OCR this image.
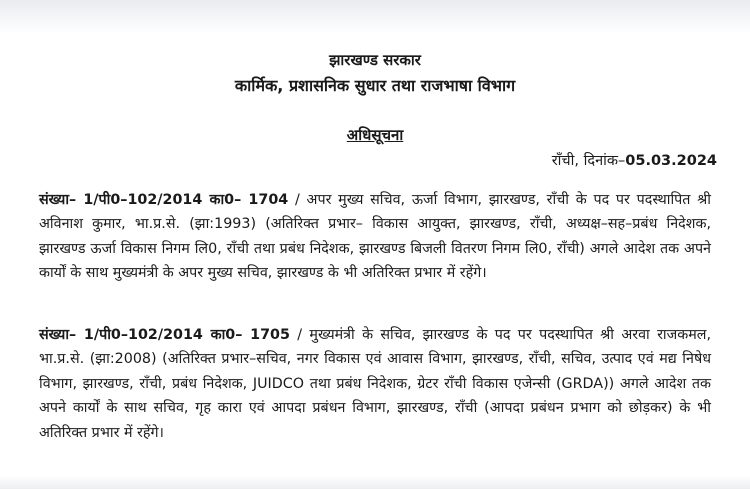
झारखण्ड सरकार
कार्मिक, प्रशासनिक सुधार तथा राजभाषा विभाग
अधिसूचना
राँची, दिनांक–05.03.2024

संख्या– 1/पी0–102/2014 का0– 1704 / अपर मुख्य सचिव, ऊर्जा विभाग, झारखण्ड, राँची के पद पर पदस्थापित श्री अविनाश कुमार, भा.प्र.से. (झा:1993) (अतिरिक्त प्रभार– विकास आयुक्त, झारखण्ड, राँची, अध्यक्ष–सह–प्रबंध निदेशक, झारखण्ड ऊर्जा विकास निगम लि0, राँची तथा प्रबंध निदेशक, झारखण्ड बिजली वितरण निगम लि0, राँची) अगले आदेश तक अपने कार्यों के साथ मुख्यमंत्री के अपर मुख्य सचिव, झारखण्ड के भी अतिरिक्त प्रभार में रहेंगे।

संख्या– 1/पी0–102/2014 का0– 1705 / मुख्यमंत्री के सचिव, झारखण्ड के पद पर पदस्थापित श्री अरवा राजकमल, भा.प्र.से. (झा:2008) (अतिरिक्त प्रभार–सचिव, नगर विकास एवं आवास विभाग, झारखण्ड, राँची, सचिव, उत्पाद एवं मद्य निषेध विभाग, झारखण्ड, राँची, प्रबंध निदेशक, JUIDCO तथा प्रबंध निदेशक, ग्रेटर राँची विकास एजेन्सी (GRDA)) अगले आदेश तक अपने कार्यों के साथ सचिव, गृह कारा एवं आपदा प्रबंधन विभाग, झारखण्ड, राँची (आपदा प्रबंधन प्रभाग को छोड़कर) के भी अतिरिक्त प्रभार में रहेंगे।
